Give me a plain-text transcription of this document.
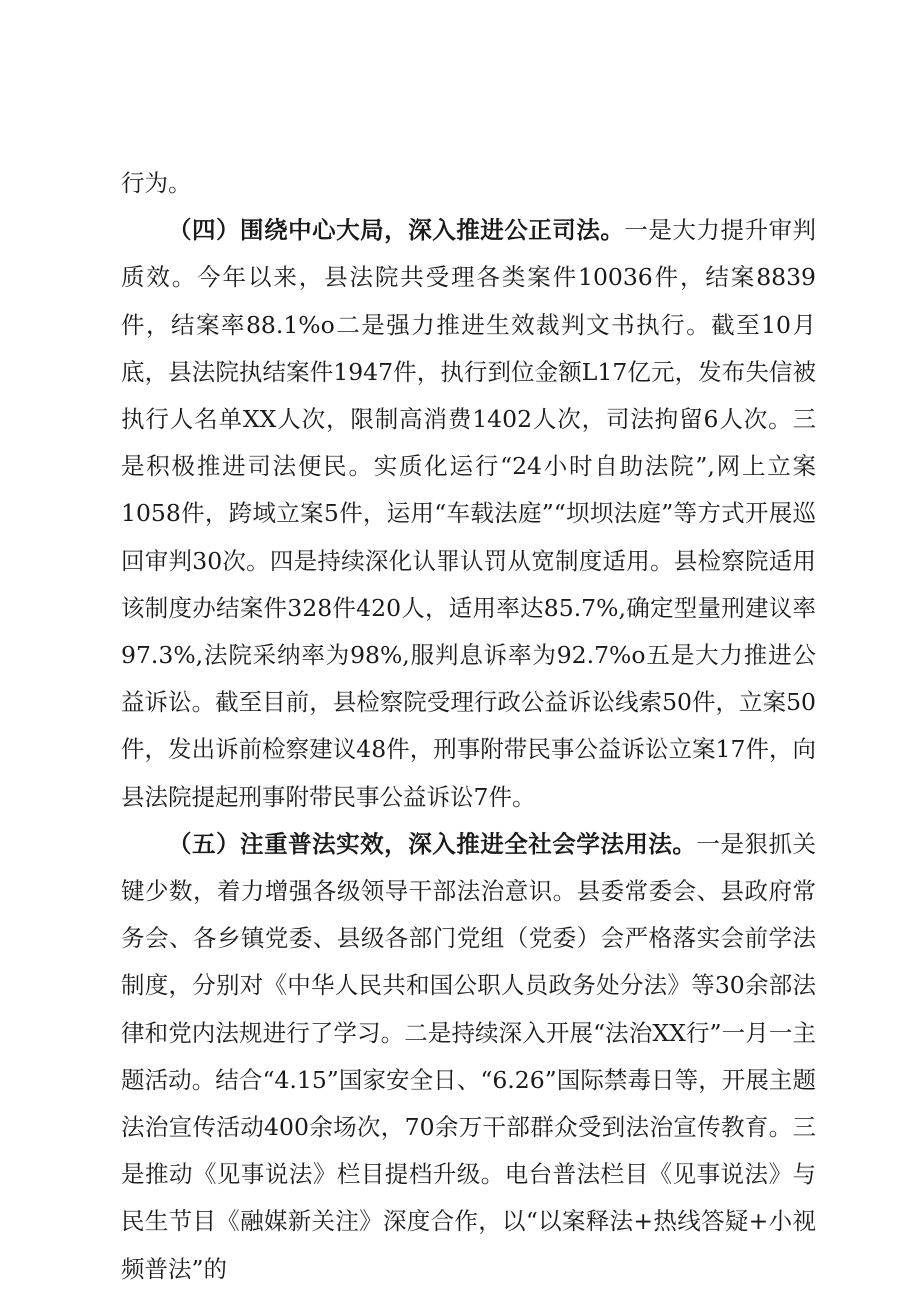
行为。

（四）围绕中心大局，深入推进公正司法。一是大力提升审判质效。今年以来，县法院共受理各类案件10036件，结案8839件，结案率88.1%o二是强力推进生效裁判文书执行。截至10月底，县法院执结案件1947件，执行到位金额L17亿元，发布失信被执行人名单XX人次，限制高消费1402人次，司法拘留6人次。三是积极推进司法便民。实质化运行“24小时自助法院”,网上立案1058件，跨域立案5件，运用“车载法庭”“坝坝法庭”等方式开展巡回审判30次。四是持续深化认罪认罚从宽制度适用。县检察院适用该制度办结案件328件420人，适用率达85.7%,确定型量刑建议率97.3%,法院采纳率为98%,服判息诉率为92.7%o五是大力推进公益诉讼。截至目前，县检察院受理行政公益诉讼线索50件，立案50件，发出诉前检察建议48件，刑事附带民事公益诉讼立案17件，向县法院提起刑事附带民事公益诉讼7件。

（五）注重普法实效，深入推进全社会学法用法。一是狠抓关键少数，着力增强各级领导干部法治意识。县委常委会、县政府常务会、各乡镇党委、县级各部门党组（党委）会严格落实会前学法制度，分别对《中华人民共和国公职人员政务处分法》等30余部法律和党内法规进行了学习。二是持续深入开展“法治XX行”一月一主题活动。结合“4.15”国家安全日、“6.26”国际禁毒日等，开展主题法治宣传活动400余场次，70余万干部群众受到法治宣传教育。三是推动《见事说法》栏目提档升级。电台普法栏目《见事说法》与民生节目《融媒新关注》深度合作，以“以案释法+热线答疑+小视频普法”的
